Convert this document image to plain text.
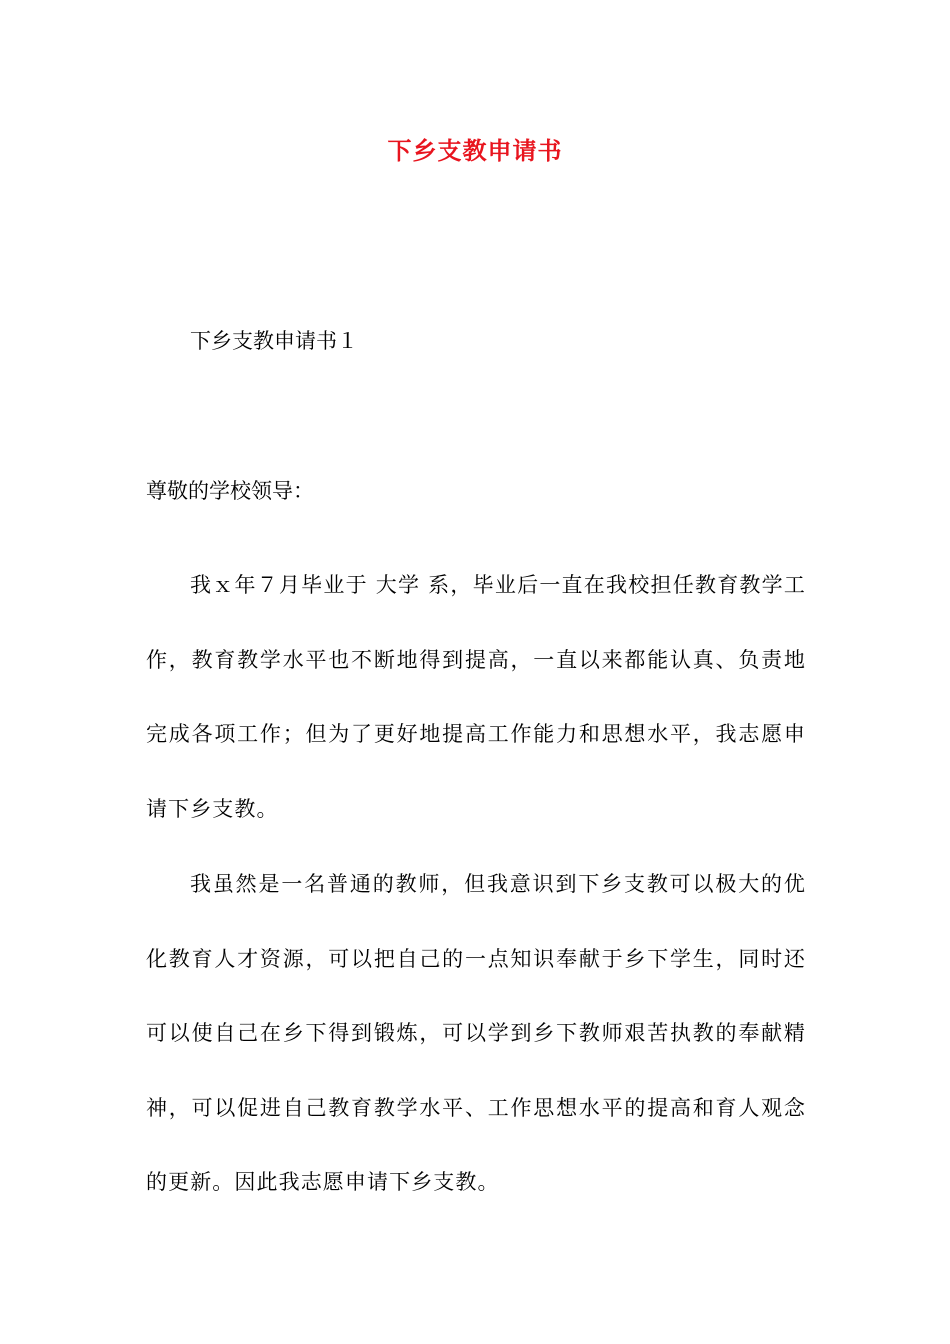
下乡支教申请书
下乡支教申请书１
尊敬的学校领导：

我ｘ年７月毕业于 大学 系，毕业后一直在我校担任教育教学工作，教育教学水平也不断地得到提高，一直以来都能认真、负责地完成各项工作；但为了更好地提高工作能力和思想水平，我志愿申请下乡支教。

我虽然是一名普通的教师，但我意识到下乡支教可以极大的优化教育人才资源，可以把自己的一点知识奉献于乡下学生，同时还可以使自己在乡下得到锻炼，可以学到乡下教师艰苦执教的奉献精神，可以促进自己教育教学水平、工作思想水平的提高和育人观念的更新。因此我志愿申请下乡支教。
